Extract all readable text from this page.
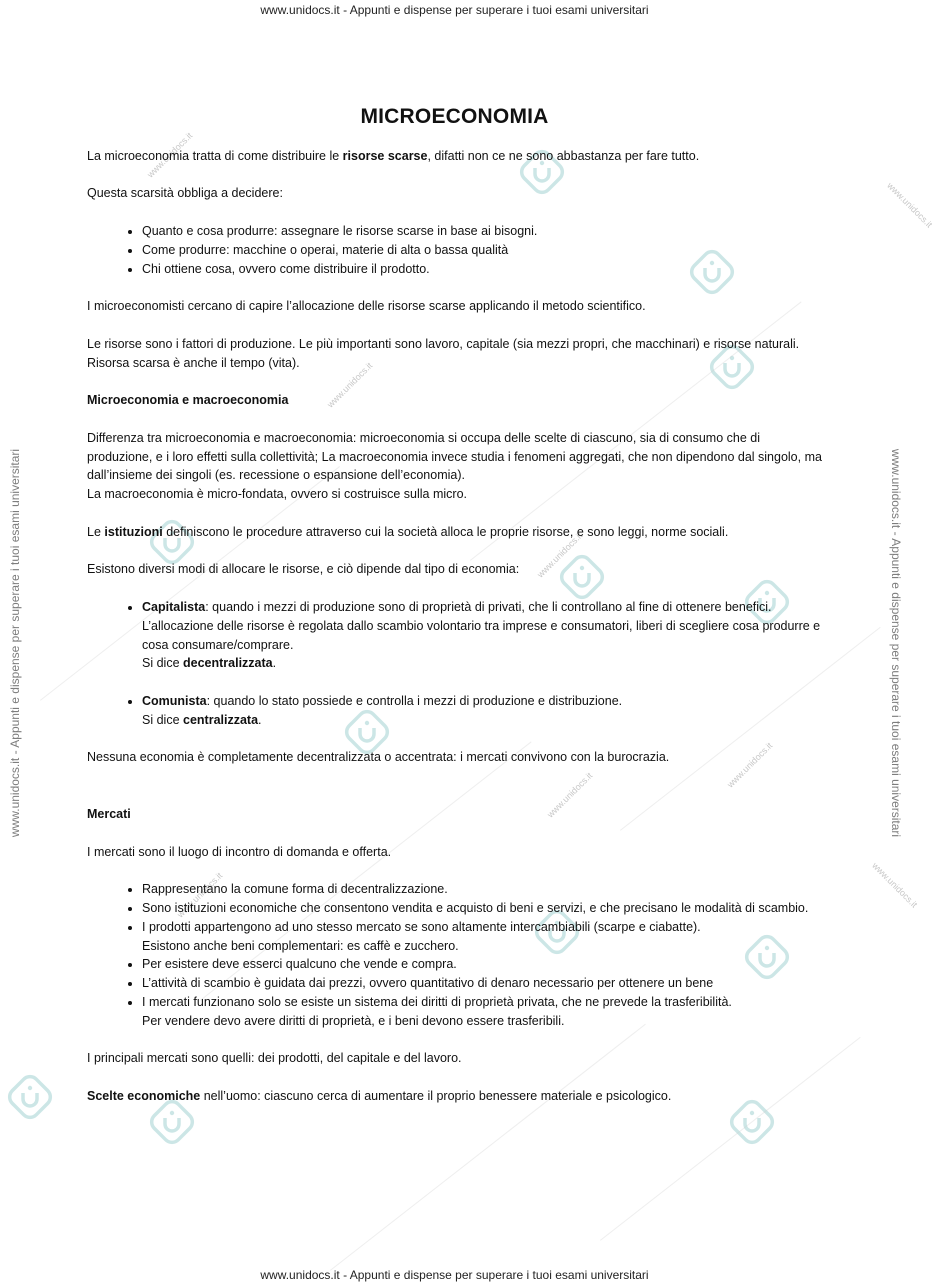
www.unidocs.it
www.unidocs.it
www.unidocs.it
www.unidocs.it
www.unidocs.it
www.unidocs.it
www.unidocs.it
www.unidocs.it
www.unidocs.it - Appunti e dispense per superare i tuoi esami universitari
www.unidocs.it - Appunti e dispense per superare i tuoi esami universitari
www.unidocs.it - Appunti e dispense per superare i tuoi esami universitari	www.unidocs.it - Appunti e dispense per superare i tuoi esami universitari
MICROECONOMIA

La microeconomia tratta di come distribuire le risorse scarse, difatti non ce ne sono abbastanza per fare tutto.

Questa scarsità obbliga a decidere:

• Quanto e cosa produrre: assegnare le risorse scarse in base ai bisogni.
• Come produrre: macchine o operai, materie di alta o bassa qualità
• Chi ottiene cosa, ovvero come distribuire il prodotto.

I microeconomisti cercano di capire l’allocazione delle risorse scarse applicando il metodo scientifico.

Le risorse sono i fattori di produzione. Le più importanti sono lavoro, capitale (sia mezzi propri, che macchinari) e risorse naturali.
Risorsa scarsa è anche il tempo (vita).

Microeconomia e macroeconomia

Differenza tra microeconomia e macroeconomia: microeconomia si occupa delle scelte di ciascuno, sia di consumo che di produzione, e i loro effetti sulla collettività; La macroeconomia invece studia i fenomeni aggregati, che non dipendono dal singolo, ma dall’insieme dei singoli (es. recessione o espansione dell’economia).
La macroeconomia è micro-fondata, ovvero si costruisce sulla micro.

Le istituzioni definiscono le procedure attraverso cui la società alloca le proprie risorse, e sono leggi, norme sociali.

Esistono diversi modi di allocare le risorse, e ciò dipende dal tipo di economia:

• Capitalista: quando i mezzi di produzione sono di proprietà di privati, che li controllano al fine di ottenere benefici.
L’allocazione delle risorse è regolata dallo scambio volontario tra imprese e consumatori, liberi di scegliere cosa produrre e cosa consumare/comprare.
Si dice decentralizzata.
• Comunista: quando lo stato possiede e controlla i mezzi di produzione e distribuzione.
Si dice centralizzata.

Nessuna economia è completamente decentralizzata o accentrata: i mercati convivono con la burocrazia.

Mercati

I mercati sono il luogo di incontro di domanda e offerta.

• Rappresentano la comune forma di decentralizzazione.
• Sono istituzioni economiche che consentono vendita e acquisto di beni e servizi, e che precisano le modalità di scambio.
• I prodotti appartengono ad uno stesso mercato se sono altamente intercambiabili (scarpe e ciabatte).
Esistono anche beni complementari: es caffè e zucchero.
• Per esistere deve esserci qualcuno che vende e compra.
• L’attività di scambio è guidata dai prezzi, ovvero quantitativo di denaro necessario per ottenere un bene
• I mercati funzionano solo se esiste un sistema dei diritti di proprietà privata, che ne prevede la trasferibilità.
Per vendere devo avere diritti di proprietà, e i beni devono essere trasferibili.

I principali mercati sono quelli: dei prodotti, del capitale e del lavoro.

Scelte economiche nell’uomo: ciascuno cerca di aumentare il proprio benessere materiale e psicologico.
